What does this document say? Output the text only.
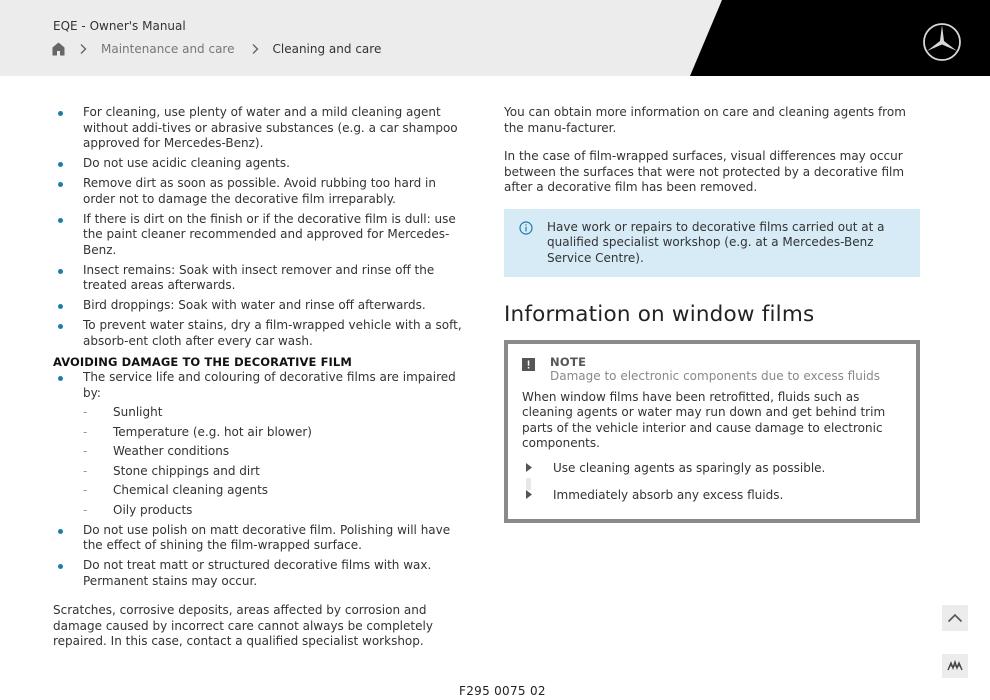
EQE - Owner's Manual
Maintenance and care	Cleaning and care
For cleaning, use plenty of water and a mild cleaning agent without addi-tives or abrasive substances (e.g. a car shampoo approved for Mercedes-Benz).
Do not use acidic cleaning agents.
Remove dirt as soon as possible. Avoid rubbing too hard in order not to damage the decorative film irreparably.
If there is dirt on the finish or if the decorative film is dull: use the paint cleaner recommended and approved for Mercedes-Benz.
Insect remains: Soak with insect remover and rinse off the treated areas afterwards.
Bird droppings: Soak with water and rinse off afterwards.
To prevent water stains, dry a film-wrapped vehicle with a soft, absorb-ent cloth after every car wash.
AVOIDING DAMAGE TO THE DECORATIVE FILM
The service life and colouring of decorative films are impaired by:
- Sunlight
- Temperature (e.g. hot air blower)
- Weather conditions
- Stone chippings and dirt
- Chemical cleaning agents
- Oily products
Do not use polish on matt decorative film. Polishing will have the effect of shining the film-wrapped surface.
Do not treat matt or structured decorative films with wax. Permanent stains may occur.

Scratches, corrosive deposits, areas affected by corrosion and damage caused by incorrect care cannot always be completely repaired. In this case, contact a qualified specialist workshop.

You can obtain more information on care and cleaning agents from the manu-facturer.

In the case of film-wrapped surfaces, visual differences may occur between the surfaces that were not protected by a decorative film after a decorative film has been removed.

Have work or repairs to decorative films carried out at a qualified specialist workshop (e.g. at a Mercedes-Benz Service Centre).
Information on window films
NOTE
Damage to electronic components due to excess fluids
When window films have been retrofitted, fluids such as cleaning agents or water may run down and get behind trim parts of the vehicle interior and cause damage to electronic components.
Use cleaning agents as sparingly as possible.
Immediately absorb any excess fluids.
F295 0075 02
